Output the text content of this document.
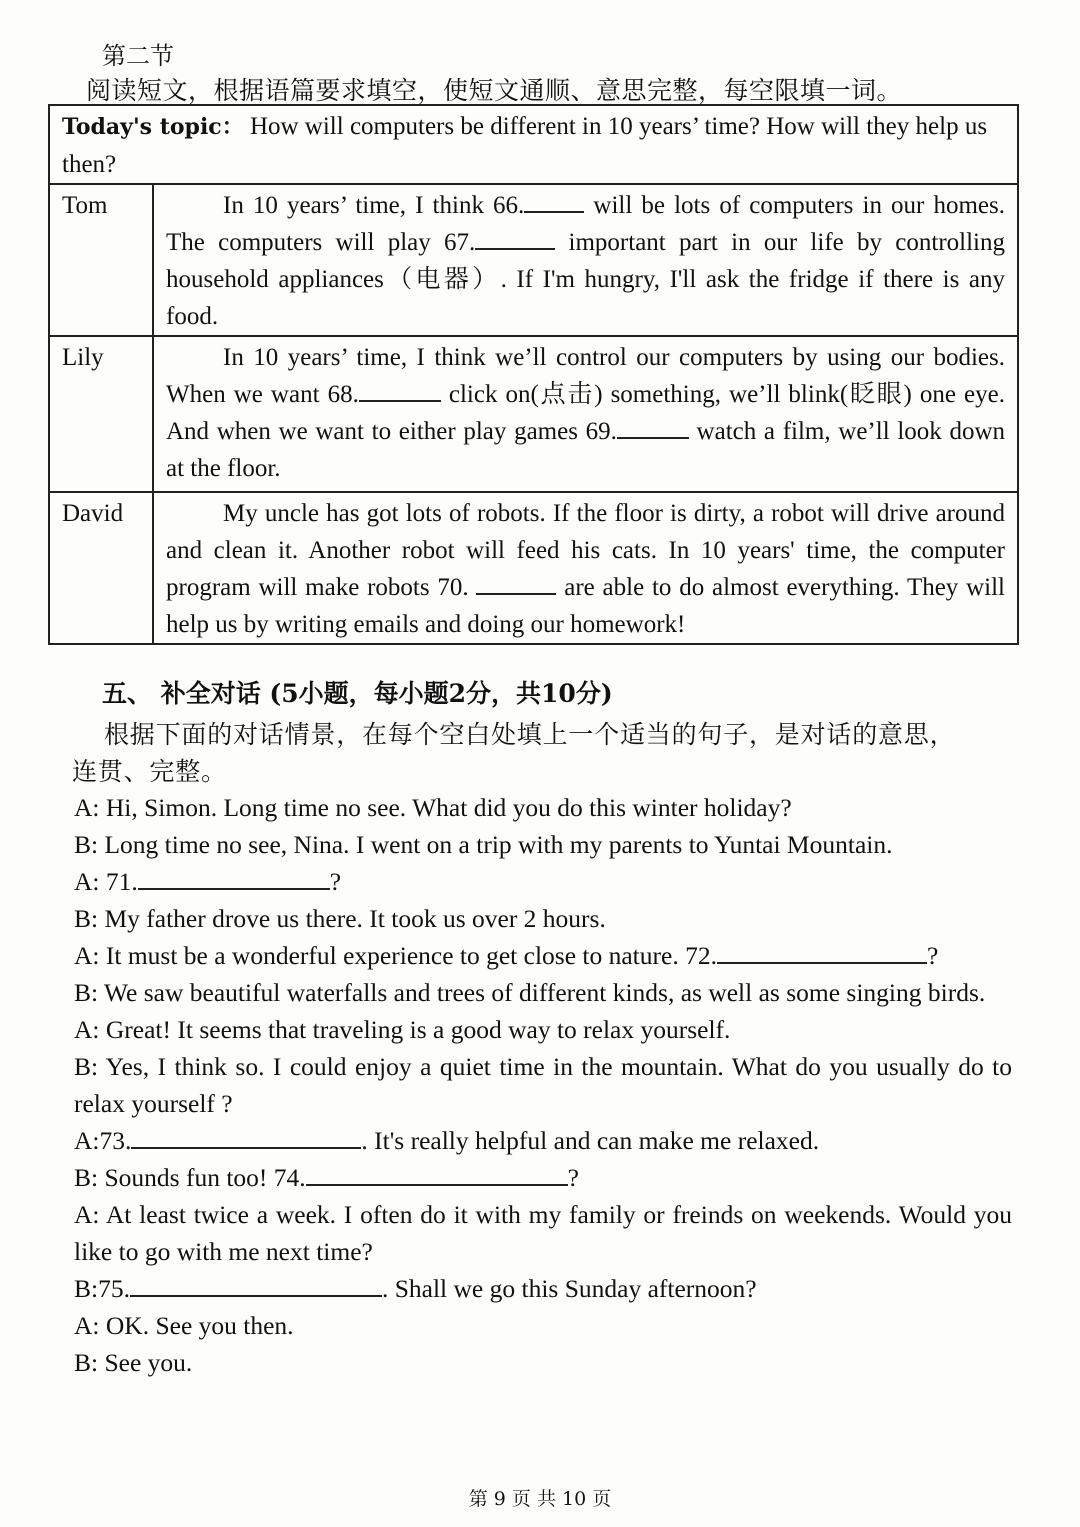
第二节
阅读短文，根据语篇要求填空，使短文通顺、意思完整，每空限填一词。
Today's topic： How will computers be different in 10 years’ time? How will they help us then?	
Tom	In 10 years’ time, I think 66. will be lots of computers in our homes. The computers will play 67. important part in our life by controlling household appliances（电器）. If I'm hungry, I'll ask the fridge if there is any food.

Lily	In 10 years’ time, I think we’ll control our computers by using our bodies. When we want 68. click on(点击) something, we’ll blink(眨眼) one eye. And when we want to either play games 69. watch a film, we’ll look down at the floor.

David	My uncle has got lots of robots. If the floor is dirty, a robot will drive around and clean it. Another robot will feed his cats. In 10 years' time, the computer program will make robots 70. are able to do almost everything. They will help us by writing emails and doing our homework!

五、 补全对话 (5小题，每小题2分，共10分)
根据下面的对话情景，在每个空白处填上一个适当的句子，是对话的意思，
连贯、完整。
A: Hi, Simon. Long time no see. What did you do this winter holiday?
B: Long time no see, Nina. I went on a trip with my parents to Yuntai Mountain.
A: 71.	?
B: My father drove us there. It took us over 2 hours.
A: It must be a wonderful experience to get close to nature. 72.	?
B: We saw beautiful waterfalls and trees of different kinds, as well as some singing birds.
A: Great! It seems that traveling is a good way to relax yourself.
B: Yes, I think so. I could enjoy a quiet time in the mountain. What do you usually do to relax yourself ?
A:73.	. It's really helpful and can make me relaxed.
B: Sounds fun too! 74.	?
A: At least twice a week. I often do it with my family or freinds on weekends. Would you like to go with me next time?
B:75.	. Shall we go this Sunday afternoon?
A: OK. See you then.
B: See you.
第 9 页 共 10 页
